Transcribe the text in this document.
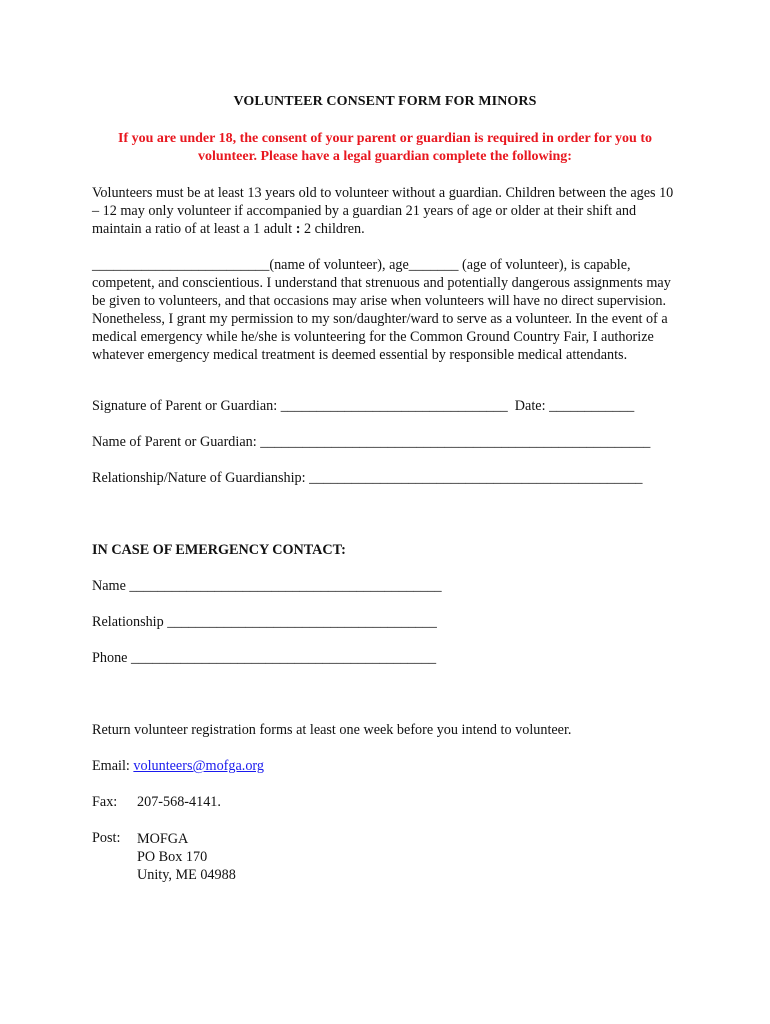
VOLUNTEER CONSENT FORM FOR MINORS
If you are under 18, the consent of your parent or guardian is required in order for you to volunteer. Please have a legal guardian complete the following:
Volunteers must be at least 13 years old to volunteer without a guardian. Children between the ages 10 – 12 may only volunteer if accompanied by a guardian 21 years of age or older at their shift and maintain a ratio of at least a 1 adult : 2 children.
_________________________(name of volunteer), age_______ (age of volunteer), is capable, competent, and conscientious. I understand that strenuous and potentially dangerous assignments may be given to volunteers, and that occasions may arise when volunteers will have no direct supervision. Nonetheless, I grant my permission to my son/daughter/ward to serve as a volunteer. In the event of a medical emergency while he/she is volunteering for the Common Ground Country Fair, I authorize whatever emergency medical treatment is deemed essential by responsible medical attendants.
Signature of Parent or Guardian: ________________________________  Date: ____________
Name of Parent or Guardian: _______________________________________________________
Relationship/Nature of Guardianship: _______________________________________________
IN CASE OF EMERGENCY CONTACT:
Name ____________________________________________
Relationship ______________________________________
Phone ___________________________________________
Return volunteer registration forms at least one week before you intend to volunteer.
Email: volunteers@mofga.org
Fax: 207-568-4141.
Post: MOFGA
PO Box 170
Unity, ME 04988
